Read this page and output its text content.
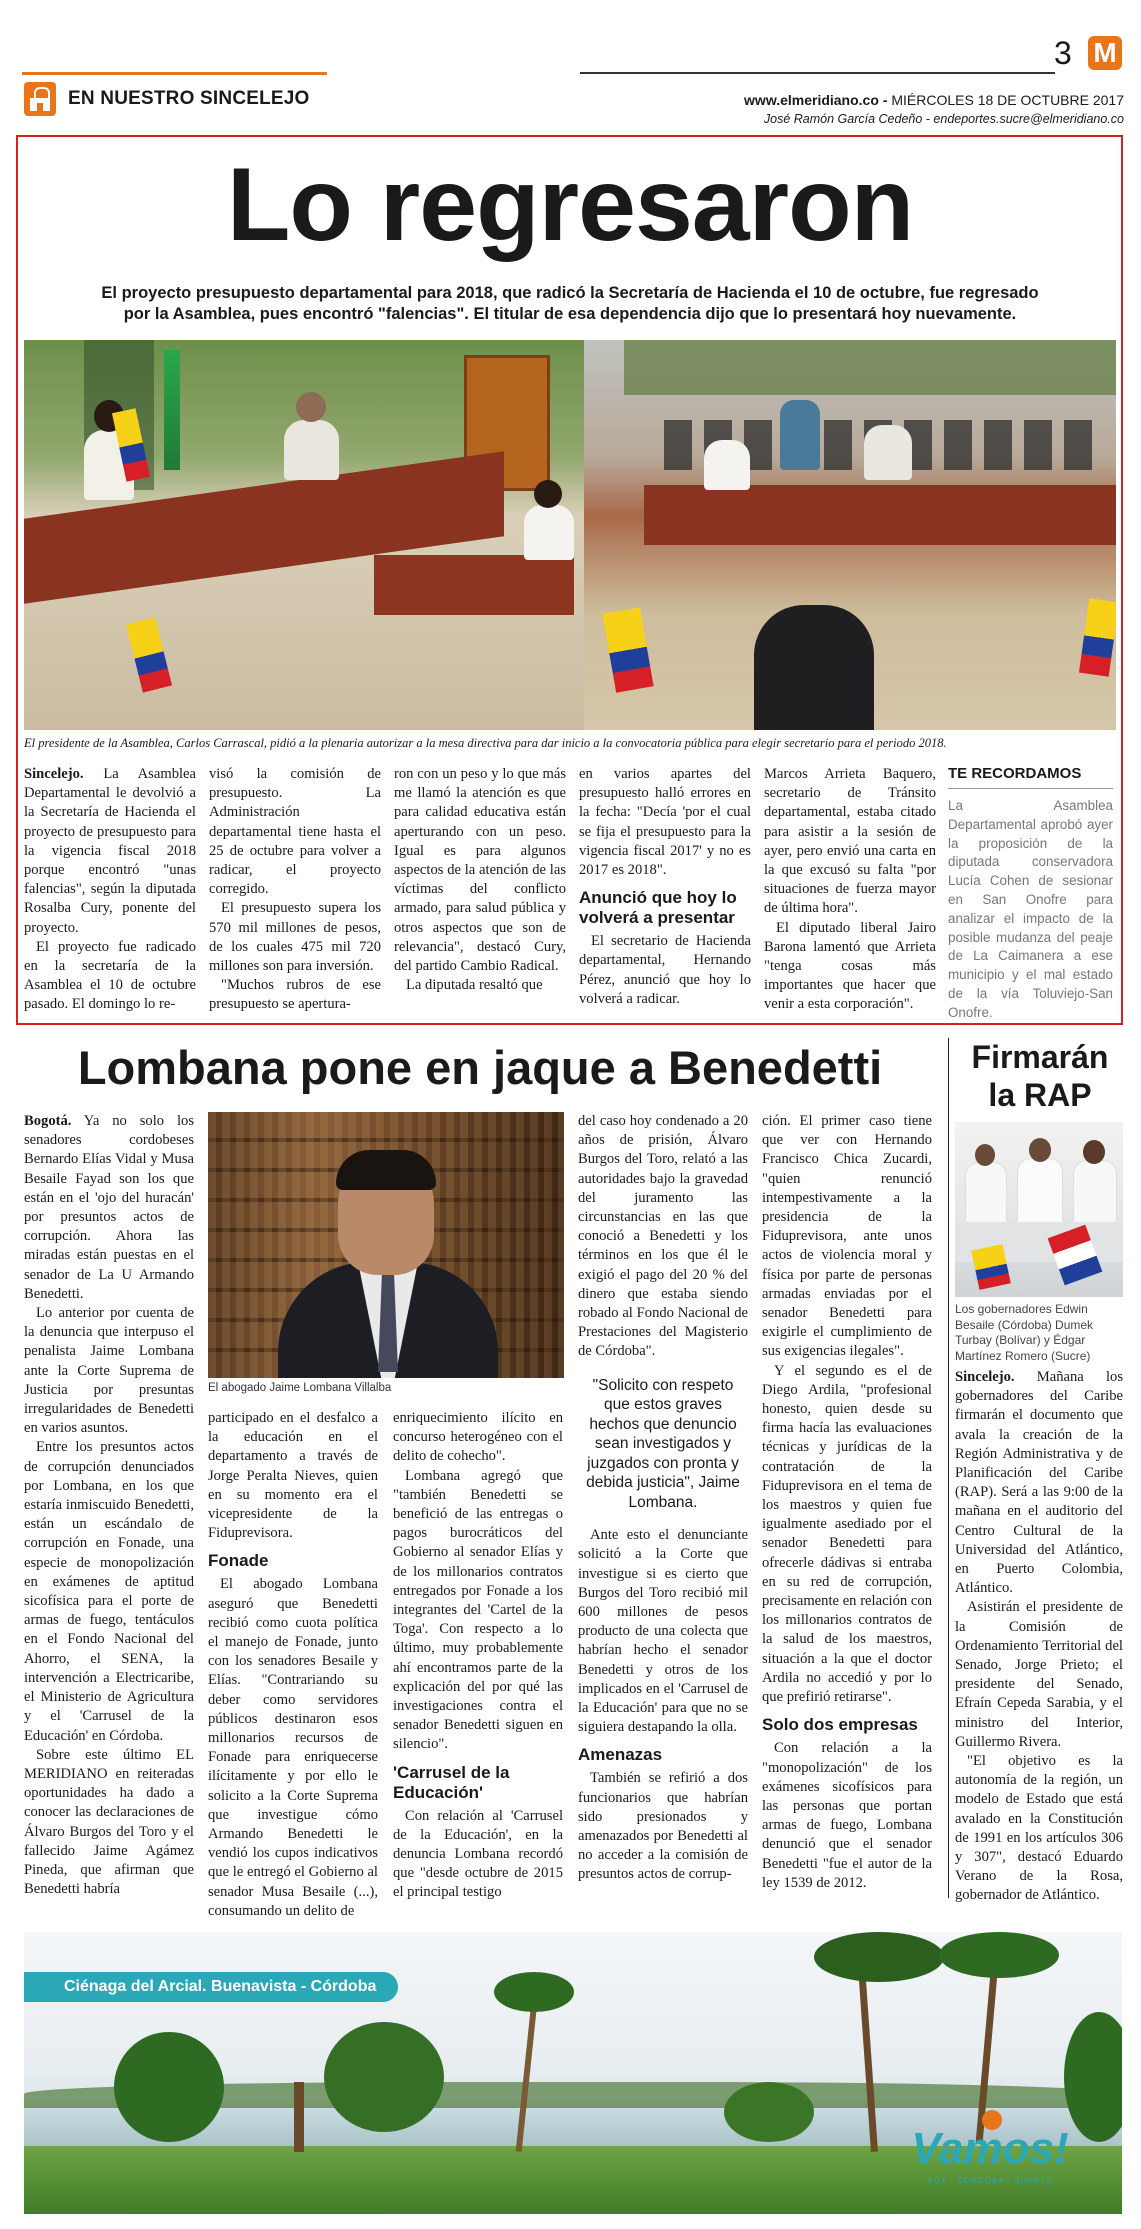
EN NUESTRO SINCELEJO
3 M
www.elmeridiano.co - MIÉRCOLES 18 DE OCTUBRE 2017
José Ramón García Cedeño - endeportes.sucre@elmeridiano.co
Lo regresaron
El proyecto presupuesto departamental para 2018, que radicó la Secretaría de Hacienda el 10 de octubre, fue regresado
por la Asamblea, pues encontró "falencias". El titular de esa dependencia dijo que lo presentará hoy nuevamente.
El presidente de la Asamblea, Carlos Carrascal, pidió a la plenaria autorizar a la mesa directiva para dar inicio a la convocatoria pública para elegir secretario para el periodo 2018.

Sincelejo. La Asamblea Departamental le devolvió a la Secretaría de Hacienda el proyecto de presupuesto para la vigencia fiscal 2018 porque encontró "unas falencias", según la diputada Rosalba Cury, ponente del proyecto.

El proyecto fue radicado en la secretaría de la Asamblea el 10 de octubre pasado. El domingo lo re-

visó la comisión de presupuesto. La Administración departamental tiene hasta el 25 de octubre para volver a radicar, el proyecto corregido.

El presupuesto supera los 570 mil millones de pesos, de los cuales 475 mil 720 millones son para inversión.

"Muchos rubros de ese presupuesto se apertura-

ron con un peso y lo que más me llamó la atención es que para calidad educativa están aperturando con un peso. Igual es para algunos aspectos de la atención de las víctimas del conflicto armado, para salud pública y otros aspectos que son de relevancia", destacó Cury, del partido Cambio Radical.

La diputada resaltó que

en varios apartes del presupuesto halló errores en la fecha: "Decía 'por el cual se fija el presupuesto para la vigencia fiscal 2017' y no es 2017 es 2018".

Anunció que hoy lo volverá a presentar

El secretario de Hacienda departamental, Hernando Pérez, anunció que hoy lo volverá a radicar.

Marcos Arrieta Baquero, secretario de Tránsito departamental, estaba citado para asistir a la sesión de ayer, pero envió una carta en la que excusó su falta "por situaciones de fuerza mayor de última hora".

El diputado liberal Jairo Barona lamentó que Arrieta "tenga cosas más importantes que hacer que venir a esta corporación".

TE RECORDAMOS
La Asamblea Departamental aprobó ayer la proposición de la diputada conservadora Lucía Cohen de sesionar en San Onofre para analizar el impacto de la posible mudanza del peaje de La Caimanera a ese municipio y el mal estado de la vía Toluviejo-San Onofre.
Lombana pone en jaque a Benedetti
El abogado Jaime Lombana Villalba

Bogotá. Ya no solo los senadores cordobeses Bernardo Elías Vidal y Musa Besaile Fayad son los que están en el 'ojo del huracán' por presuntos actos de corrupción. Ahora las miradas están puestas en el senador de La U Armando Benedetti.

Lo anterior por cuenta de la denuncia que interpuso el penalista Jaime Lombana ante la Corte Suprema de Justicia por presuntas irregularidades de Benedetti en varios asuntos.

Entre los presuntos actos de corrupción denunciados por Lombana, en los que estaría inmiscuido Benedetti, están un escándalo de corrupción en Fonade, una especie de monopolización en exámenes de aptitud sicofísica para el porte de armas de fuego, tentáculos en el Fondo Nacional del Ahorro, el SENA, la intervención a Electricaribe, el Ministerio de Agricultura y el 'Carrusel de la Educación' en Córdoba.

Sobre este último EL MERIDIANO en reiteradas oportunidades ha dado a conocer las declaraciones de Álvaro Burgos del Toro y el fallecido Jaime Agámez Pineda, que afirman que Benedetti habría

participado en el desfalco a la educación en el departamento a través de Jorge Peralta Nieves, quien en su momento era el vicepresidente de la Fiduprevisora.

Fonade

El abogado Lombana aseguró que Benedetti recibió como cuota política el manejo de Fonade, junto con los senadores Besaile y Elías. "Contrariando su deber como servidores públicos destinaron esos millonarios recursos de Fonade para enriquecerse ilícitamente y por ello le solicito a la Corte Suprema que investigue cómo Armando Benedetti le vendió los cupos indicativos que le entregó el Gobierno al senador Musa Besaile (...), consumando un delito de

enriquecimiento ilícito en concurso heterogéneo con el delito de cohecho".

Lombana agregó que "también Benedetti se benefició de las entregas o pagos burocráticos del Gobierno al senador Elías y de los millonarios contratos entregados por Fonade a los integrantes del 'Cartel de la Toga'. Con respecto a lo último, muy probablemente ahí encontramos parte de la explicación del por qué las investigaciones contra el senador Benedetti siguen en silencio".

'Carrusel de la Educación'

Con relación al 'Carrusel de la Educación', en la denuncia Lombana recordó que "desde octubre de 2015 el principal testigo

del caso hoy condenado a 20 años de prisión, Álvaro Burgos del Toro, relató a las autoridades bajo la gravedad del juramento las circunstancias en las que conoció a Benedetti y los términos en los que él le exigió el pago del 20 % del dinero que estaba siendo robado al Fondo Nacional de Prestaciones del Magisterio de Córdoba".

"Solicito con respeto que estos graves hechos que denuncio sean investigados y juzgados con pronta y debida justicia", Jaime Lombana.

Ante esto el denunciante solicitó a la Corte que investigue si es cierto que Burgos del Toro recibió mil 600 millones de pesos producto de una colecta que habrían hecho el senador Benedetti y otros de los implicados en el 'Carrusel de la Educación' para que no se siguiera destapando la olla.

Amenazas

También se refirió a dos funcionarios que habrían sido presionados y amenazados por Benedetti al no acceder a la comisión de presuntos actos de corrup-

ción. El primer caso tiene que ver con Hernando Francisco Chica Zucardi, "quien renunció intempestivamente a la presidencia de la Fiduprevisora, ante unos actos de violencia moral y física por parte de personas armadas enviadas por el senador Benedetti para exigirle el cumplimiento de sus exigencias ilegales".

Y el segundo es el de Diego Ardila, "profesional honesto, quien desde su firma hacía las evaluaciones técnicas y jurídicas de la contratación de la Fiduprevisora en el tema de los maestros y quien fue igualmente asediado por el senador Benedetti para ofrecerle dádivas si entraba en su red de corrupción, precisamente en relación con los millonarios contratos de la salud de los maestros, situación a la que el doctor Ardila no accedió y por lo que prefirió retirarse".

Solo dos empresas

Con relación a la "monopolización" de los exámenes sicofísicos para las personas que portan armas de fuego, Lombana denunció que el senador Benedetti "fue el autor de la ley 1539 de 2012.

Firmarán
la RAP
Los gobernadores Edwin Besaile (Córdoba) Dumek Turbay (Bolívar) y Édgar Martínez Romero (Sucre)

Sincelejo. Mañana los gobernadores del Caribe firmarán el documento que avala la creación de la Región Administrativa y de Planificación del Caribe (RAP). Será a las 9:00 de la mañana en el auditorio del Centro Cultural de la Universidad del Atlántico, en Puerto Colombia, Atlántico.

Asistirán el presidente de la Comisión de Ordenamiento Territorial del Senado, Jorge Prieto; el presidente del Senado, Efraín Cepeda Sarabia, y el ministro del Interior, Guillermo Rivera.

"El objetivo es la autonomía de la región, un modelo de Estado que está avalado en la Constitución de 1991 en los artículos 306 y 307", destacó Eduardo Verano de la Rosa, gobernador de Atlántico.

Ciénaga del Arcial. Buenavista - Córdoba
Vamos!
SOY · CÓRDOBA · SUERTE
